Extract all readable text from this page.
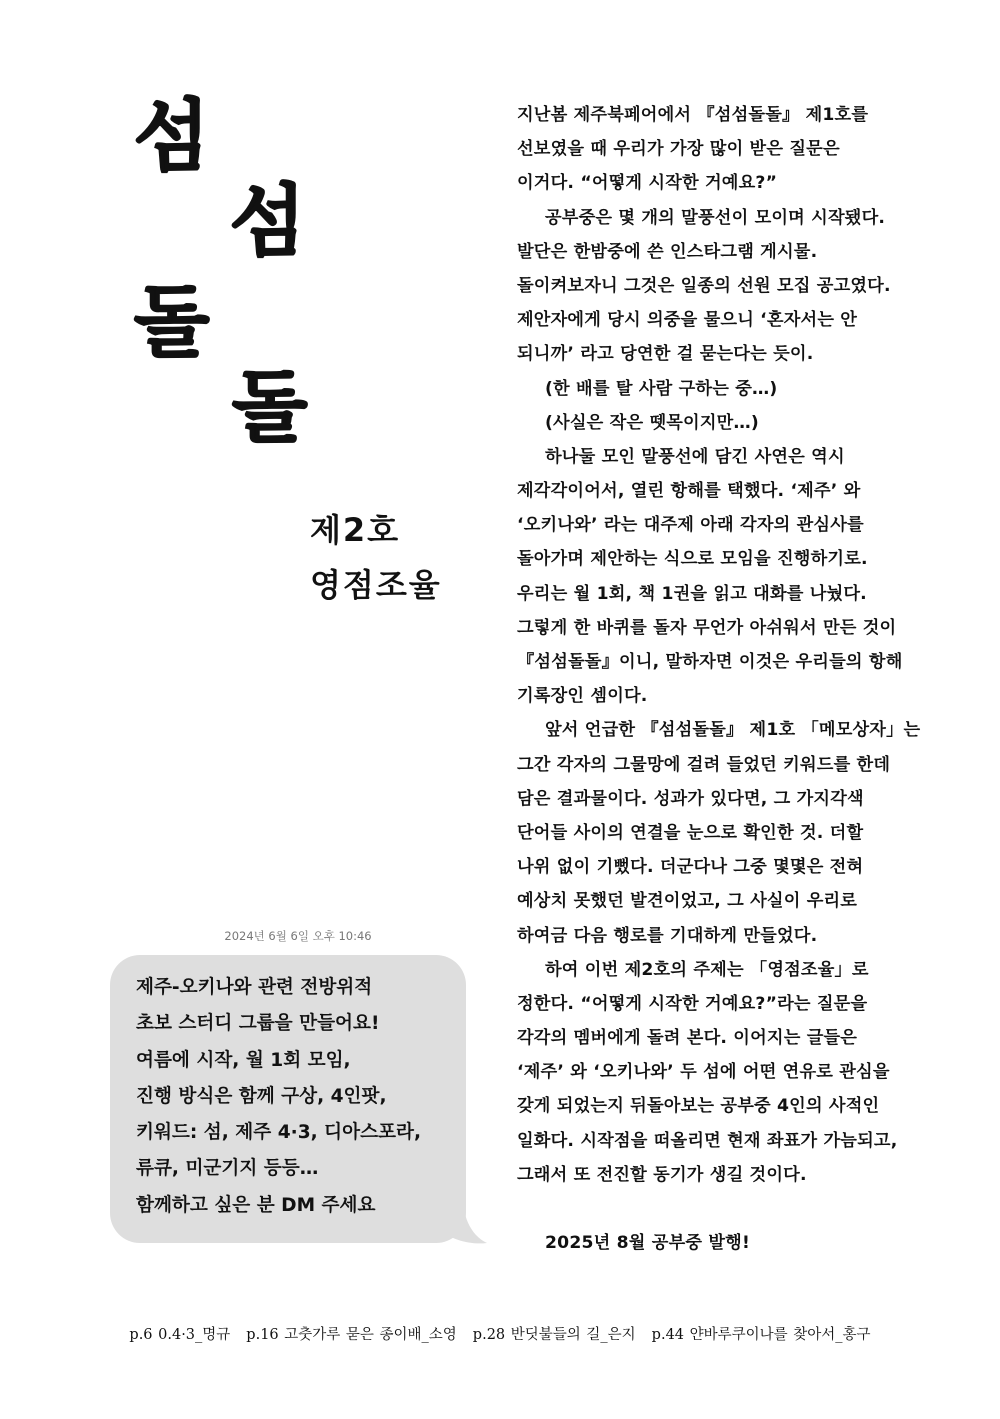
섬
섬
돌
돌
제2호
영점조율
지난봄 제주북페어에서 『섬섬돌돌』 제1호를
선보였을 때 우리가 가장 많이 받은 질문은
이거다. “어떻게 시작한 거예요?”
공부중은 몇 개의 말풍선이 모이며 시작됐다.
발단은 한밤중에 쓴 인스타그램 게시물.
돌이켜보자니 그것은 일종의 선원 모집 공고였다.
제안자에게 당시 의중을 물으니 ‘혼자서는 안
되니까’ 라고 당연한 걸 묻는다는 듯이.
(한 배를 탈 사람 구하는 중…)
(사실은 작은 뗏목이지만…)
하나둘 모인 말풍선에 담긴 사연은 역시
제각각이어서, 열린 항해를 택했다. ‘제주’ 와
‘오키나와’ 라는 대주제 아래 각자의 관심사를
돌아가며 제안하는 식으로 모임을 진행하기로.
우리는 월 1회, 책 1권을 읽고 대화를 나눴다.
그렇게 한 바퀴를 돌자 무언가 아쉬워서 만든 것이
『섬섬돌돌』이니, 말하자면 이것은 우리들의 항해
기록장인 셈이다.
앞서 언급한 『섬섬돌돌』 제1호 「메모상자」는
그간 각자의 그물망에 걸려 들었던 키워드를 한데
담은 결과물이다. 성과가 있다면, 그 가지각색
단어들 사이의 연결을 눈으로 확인한 것. 더할
나위 없이 기뻤다. 더군다나 그중 몇몇은 전혀
예상치 못했던 발견이었고, 그 사실이 우리로
하여금 다음 행로를 기대하게 만들었다.
하여 이번 제2호의 주제는 「영점조율」로
정한다. “어떻게 시작한 거예요?”라는 질문을
각각의 멤버에게 돌려 본다. 이어지는 글들은
‘제주’ 와 ‘오키나와’ 두 섬에 어떤 연유로 관심을
갖게 되었는지 뒤돌아보는 공부중 4인의 사적인
일화다. 시작점을 떠올리면 현재 좌표가 가늠되고,
그래서 또 전진할 동기가 생길 것이다.
2025년 8월 공부중 발행!
2024년 6월 6일 오후 10:46
제주-오키나와 관련 전방위적
초보 스터디 그룹을 만들어요!
여름에 시작, 월 1회 모임,
진행 방식은 함께 구상, 4인팟,
키워드: 섬, 제주 4·3, 디아스포라,
류큐, 미군기지 등등…
함께하고 싶은 분 DM 주세요
p.6 0.4·3_명규 p.16 고춧가루 묻은 종이배_소영 p.28 반딧불들의 길_은지 p.44 얀바루쿠이나를 찾아서_홍구
